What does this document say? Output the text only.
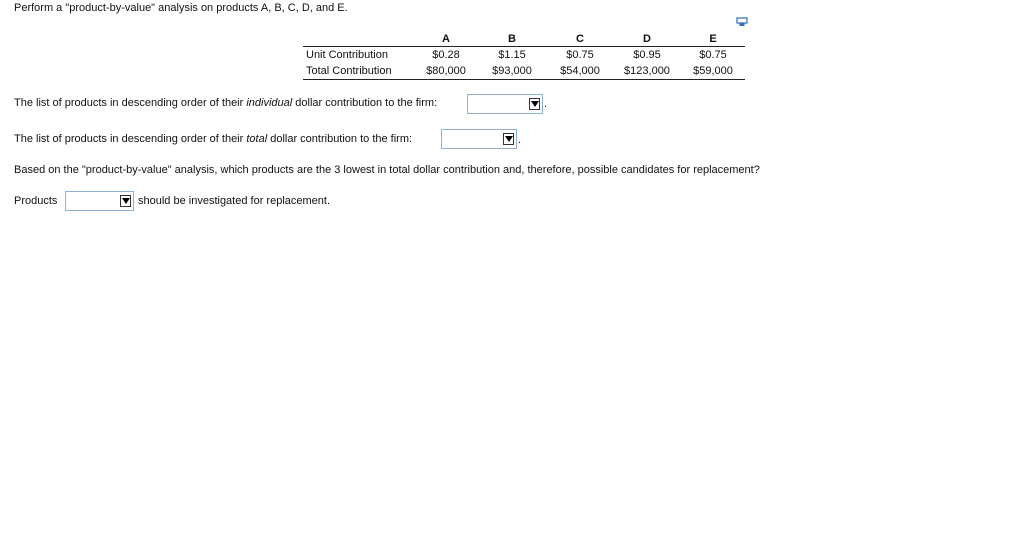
Perform a "product-by-value" analysis on products A, B, C, D, and E.
	A	B	C	D	E
Unit Contribution	$0.28	$1.15	$0.75	$0.95	$0.75
Total Contribution	$80,000	$93,000	$54,000	$123,000	$59,000
The list of products in descending order of their individual dollar contribution to the firm:	.
The list of products in descending order of their total dollar contribution to the firm:	.
Based on the "product-by-value" analysis, which products are the 3 lowest in total dollar contribution and, therefore, possible candidates for replacement?
Products	should be investigated for replacement.
